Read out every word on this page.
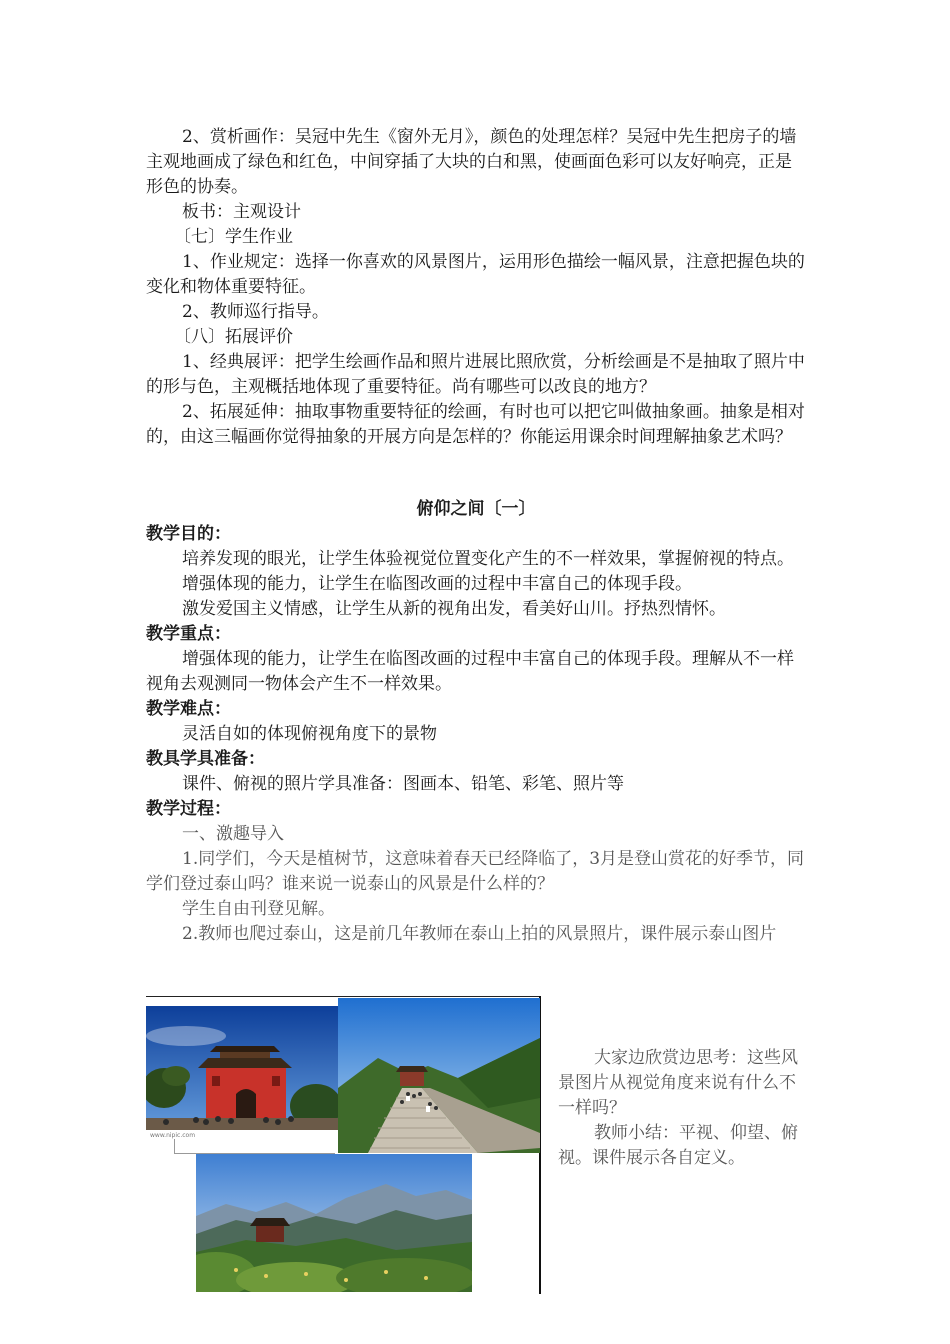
2、赏析画作：吴冠中先生《窗外无月》，颜色的处理怎样？吴冠中先生把房子的墙主观地画成了绿色和红色，中间穿插了大块的白和黑，使画面色彩可以友好响亮，正是形色的协奏。

板书：主观设计

〔七〕学生作业

1、作业规定：选择一你喜欢的风景图片，运用形色描绘一幅风景，注意把握色块的变化和物体重要特征。

2、教师巡行指导。

〔八〕拓展评价

1、经典展评：把学生绘画作品和照片进展比照欣赏，分析绘画是不是抽取了照片中的形与色，主观概括地体现了重要特征。尚有哪些可以改良的地方？

2、拓展延伸：抽取事物重要特征的绘画，有时也可以把它叫做抽象画。抽象是相对的，由这三幅画你觉得抽象的开展方向是怎样的？你能运用课余时间理解抽象艺术吗？

俯仰之间〔一〕

教学目的：

培养发现的眼光，让学生体验视觉位置变化产生的不一样效果，掌握俯视的特点。

增强体现的能力，让学生在临图改画的过程中丰富自己的体现手段。

激发爱国主义情感，让学生从新的视角出发，看美好山川。抒热烈情怀。

教学重点：

增强体现的能力，让学生在临图改画的过程中丰富自己的体现手段。理解从不一样视角去观测同一物体会产生不一样效果。

教学难点：

灵活自如的体现俯视角度下的景物

教具学具准备：

课件、俯视的照片学具准备：图画本、铅笔、彩笔、照片等

教学过程：

一、激趣导入

1.同学们，今天是植树节，这意味着春天已经降临了，3月是登山赏花的好季节，同学们登过泰山吗？谁来说一说泰山的风景是什么样的？

学生自由刊登见解。

2.教师也爬过泰山，这是前几年教师在泰山上拍的风景照片，课件展示泰山图片

www.nipic.com

大家边欣赏边思考：这些风景图片从视觉角度来说有什么不一样吗？

教师小结：平视、仰望、俯视。课件展示各自定义。
